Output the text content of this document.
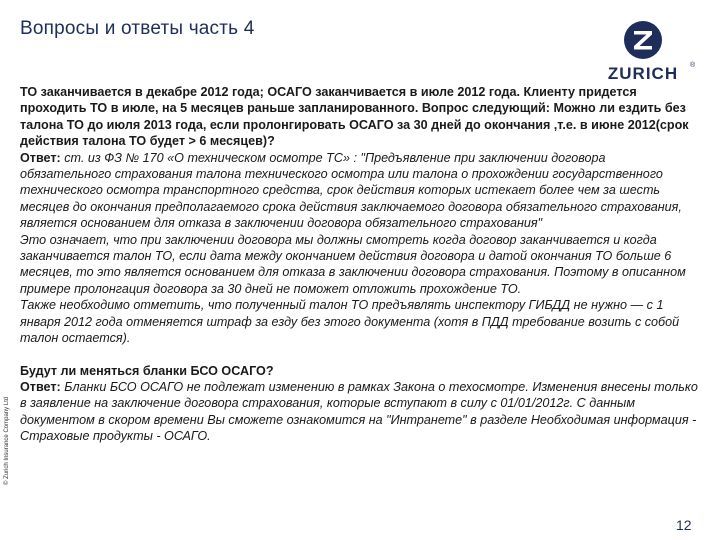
Вопросы и ответы часть 4
ZURICH	®
© Zurich Insurance Company Ltd

ТО заканчивается в декабре 2012 года; ОСАГО заканчивается в июле 2012 года. Клиенту придется проходить ТО в июле, на 5 месяцев раньше запланированного. Вопрос следующий: Можно ли ездить без талона ТО до июля 2013 года, если пролонгировать ОСАГО за 30 дней до окончания ,т.е. в июне 2012(срок действия талона ТО будет > 6 месяцев)?

Ответ: ст. из ФЗ № 170 «О техническом осмотре ТС» : "Предъявление при заключении договора обязательного страхования талона технического осмотра или талона о прохождении государственного технического осмотра транспортного средства, срок действия которых истекает более чем за шесть месяцев до окончания предполагаемого срока действия заключаемого договора обязательного страхования, является основанием для отказа в заключении договора обязательного страхования"

Это означает, что при заключении договора мы должны смотреть когда договор заканчивается и когда заканчивается талон ТО, если дата между окончанием действия договора и датой окончания ТО больше 6 месяцев, то это является основанием для отказа в заключении договора страхования. Поэтому в описанном примере пролонгация договора за 30 дней не поможет отложить прохождение ТО.

Также необходимо отметить, что полученный талон ТО предъявлять инспектору ГИБДД не нужно — с 1 января 2012 года отменяется штраф за езду без этого документа (хотя в ПДД требование возить с собой талон остается).

Будут ли меняться бланки БСО ОСАГО?

Ответ: Бланки БСО ОСАГО не подлежат изменению в рамках Закона о техосмотре. Изменения внесены только в заявление на заключение договора страхования, которые вступают в силу с 01/01/2012г. С данным документом в скором времени Вы сможете ознакомится на "Интранете" в разделе Необходимая информация - Страховые продукты - ОСАГО.

12
